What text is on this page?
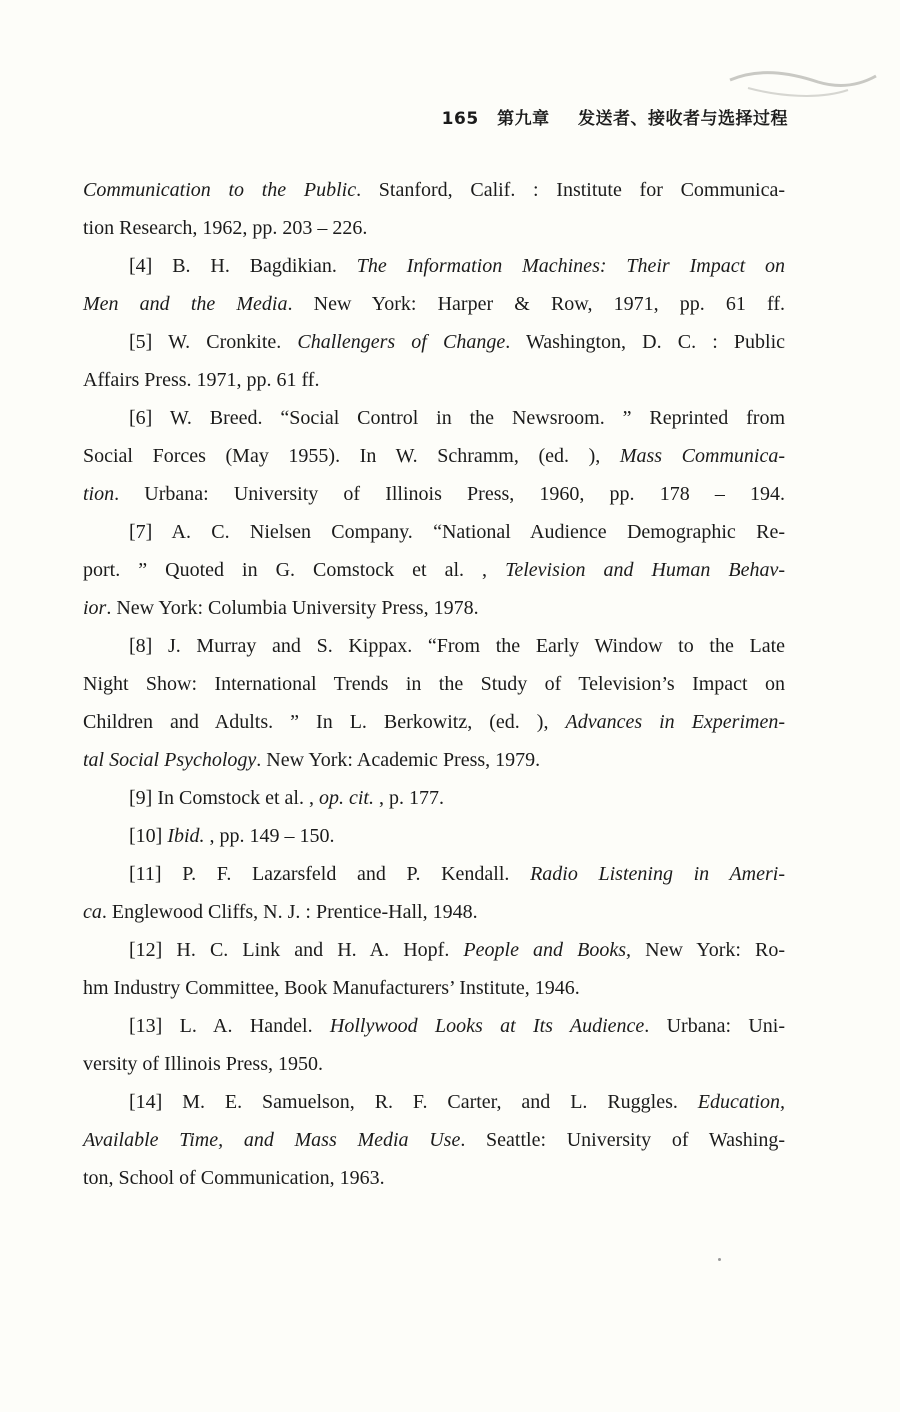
165 第九章 发送者、接收者与选择过程
Communication to the Public. Stanford, Calif. : Institute for Communica-
tion Research, 1962, pp. 203 – 226.
[4] B. H. Bagdikian. The Information Machines: Their Impact on
Men and the Media. New York: Harper & Row, 1971, pp. 61 ff.
[5] W. Cronkite. Challengers of Change. Washington, D. C. : Public
Affairs Press. 1971, pp. 61 ff.
[6] W. Breed. “Social Control in the Newsroom. ” Reprinted from
Social Forces (May 1955). In W. Schramm, (ed. ), Mass Communica-
tion. Urbana: University of Illinois Press, 1960, pp. 178 – 194.
[7] A. C. Nielsen Company. “National Audience Demographic Re-
port. ” Quoted in G. Comstock et al. , Television and Human Behav-
ior. New York: Columbia University Press, 1978.
[8] J. Murray and S. Kippax. “From the Early Window to the Late
Night Show: International Trends in the Study of Television’s Impact on
Children and Adults. ” In L. Berkowitz, (ed. ), Advances in Experimen-
tal Social Psychology. New York: Academic Press, 1979.
[9] In Comstock et al. , op. cit. , p. 177.
[10] Ibid. , pp. 149 – 150.
[11] P. F. Lazarsfeld and P. Kendall. Radio Listening in Ameri-
ca. Englewood Cliffs, N. J. : Prentice-Hall, 1948.
[12] H. C. Link and H. A. Hopf. People and Books, New York: Ro-
hm Industry Committee, Book Manufacturers’ Institute, 1946.
[13] L. A. Handel. Hollywood Looks at Its Audience. Urbana: Uni-
versity of Illinois Press, 1950.
[14] M. E. Samuelson, R. F. Carter, and L. Ruggles. Education,
Available Time, and Mass Media Use. Seattle: University of Washing-
ton, School of Communication, 1963.
